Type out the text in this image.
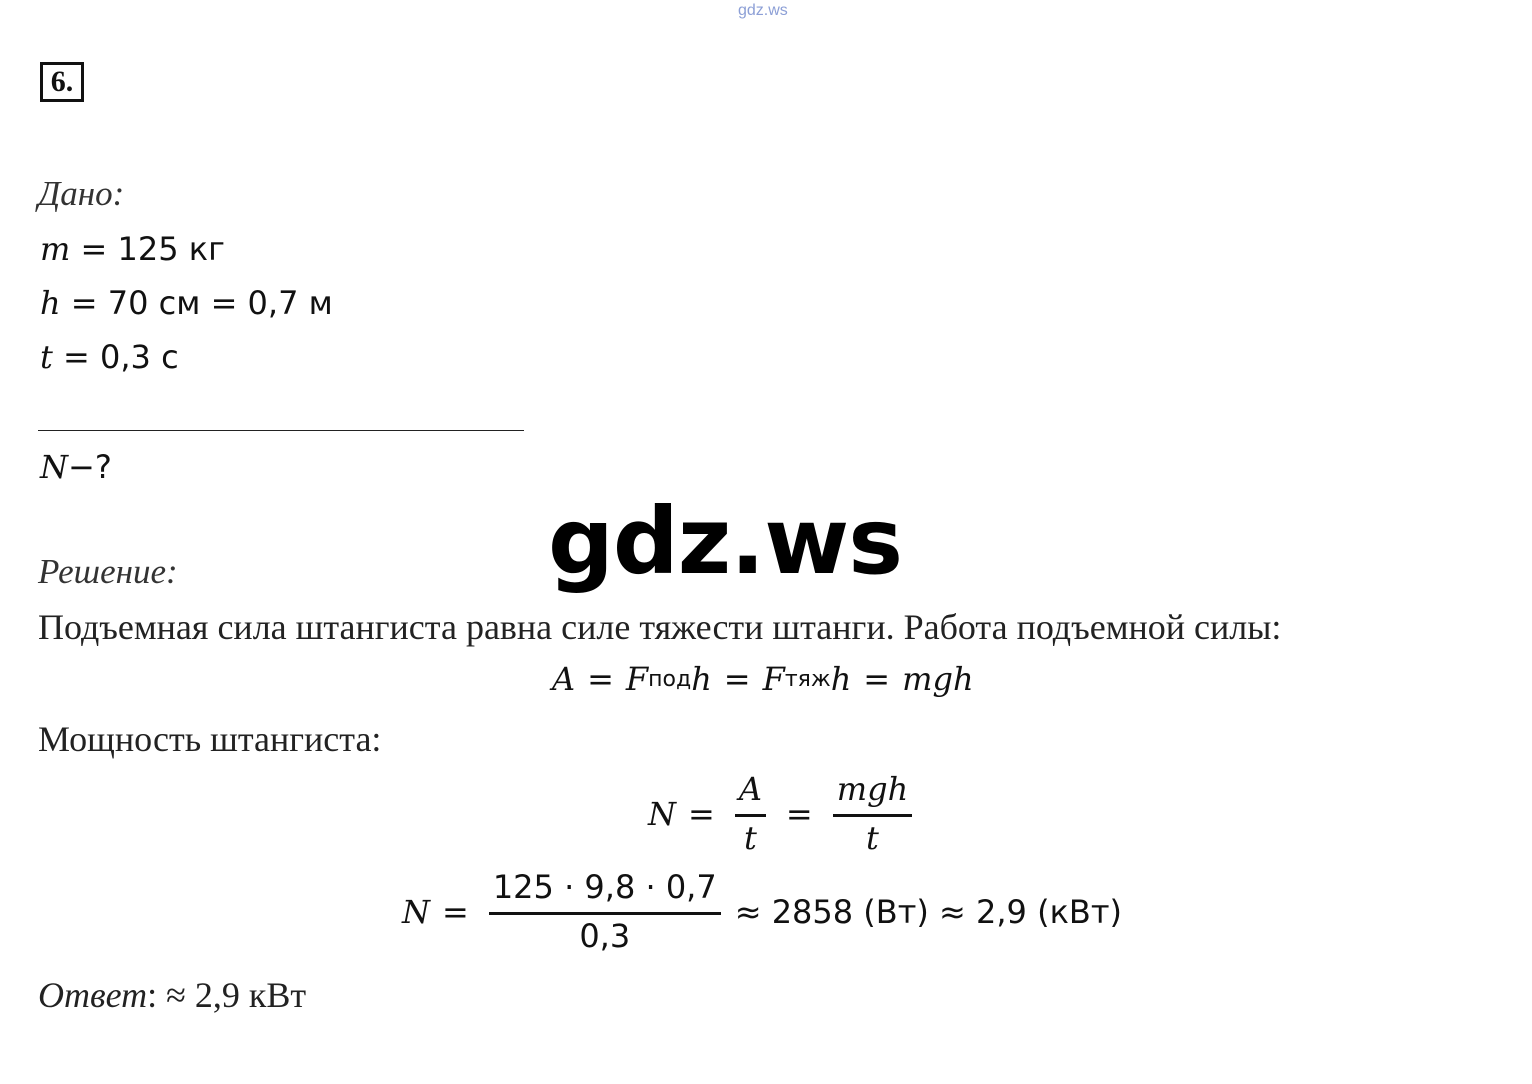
gdz.ws
6.
Дано:
m = 125 кг
h = 70 см = 0,7 м
t = 0,3 с
N−?
gdz.ws
Решение:
Подъемная сила штангиста равна силе тяжести штанги. Работа подъемной силы:
A = F под h = F тяж h = mgh
Мощность штангиста:
$N = \frac{A}{t} = \frac{\text{mgh}}{t}$
$N = \frac{125 \cdot 9,8 \cdot 0,7}{0,3} \approx 2858$ (Вт) ≈ 2,9 (кВт)
Ответ: ≈ 2,9 кВт
